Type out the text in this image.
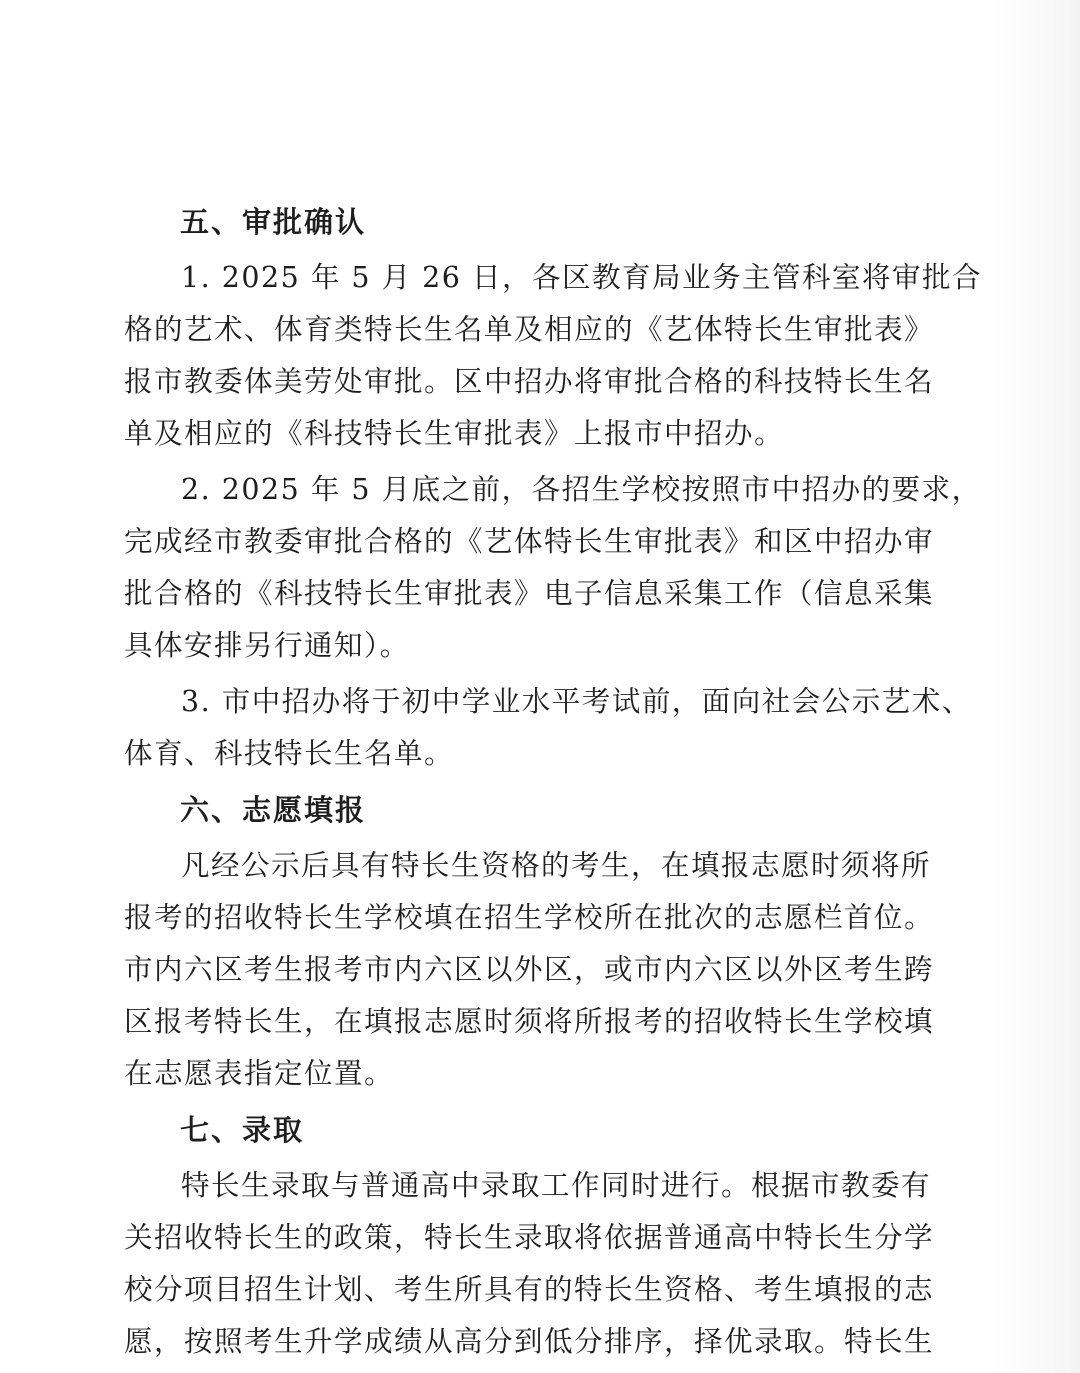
五、审批确认
1. 2025 年 5 月 26 日，各区教育局业务主管科室将审批合
格的艺术、体育类特长生名单及相应的《艺体特长生审批表》
报市教委体美劳处审批。区中招办将审批合格的科技特长生名
单及相应的《科技特长生审批表》上报市中招办。
2. 2025 年 5 月底之前，各招生学校按照市中招办的要求，
完成经市教委审批合格的《艺体特长生审批表》和区中招办审
批合格的《科技特长生审批表》电子信息采集工作（信息采集
具体安排另行通知）。
3. 市中招办将于初中学业水平考试前，面向社会公示艺术、
体育、科技特长生名单。
六、志愿填报
凡经公示后具有特长生资格的考生，在填报志愿时须将所
报考的招收特长生学校填在招生学校所在批次的志愿栏首位。
市内六区考生报考市内六区以外区，或市内六区以外区考生跨
区报考特长生，在填报志愿时须将所报考的招收特长生学校填
在志愿表指定位置。
七、录取
特长生录取与普通高中录取工作同时进行。根据市教委有
关招收特长生的政策，特长生录取将依据普通高中特长生分学
校分项目招生计划、考生所具有的特长生资格、考生填报的志
愿，按照考生升学成绩从高分到低分排序，择优录取。特长生
